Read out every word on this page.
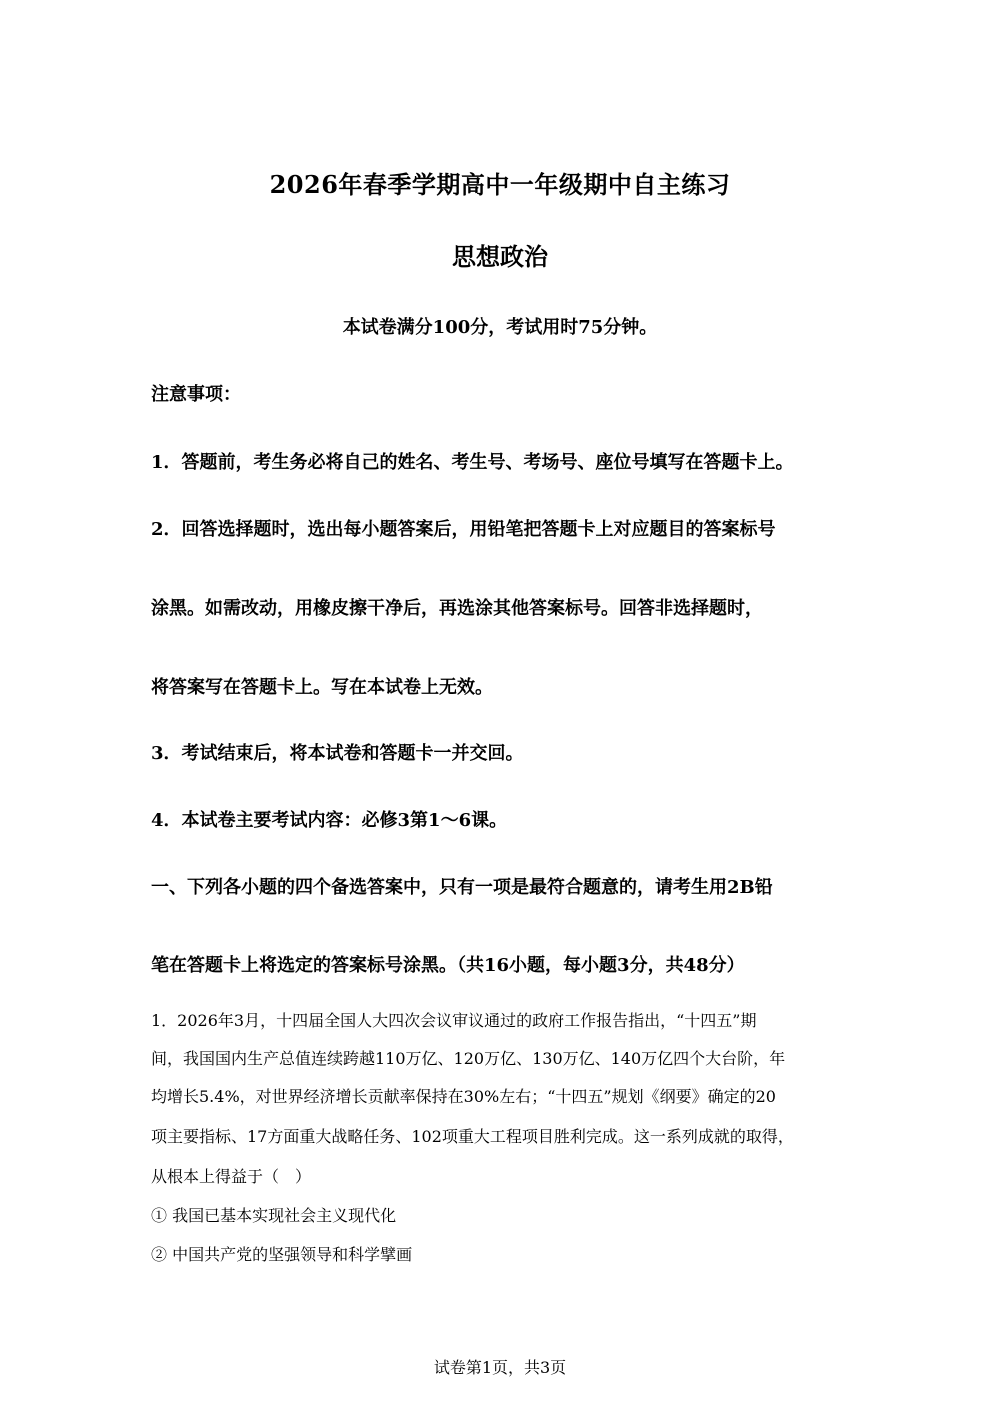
2026年春季学期高中一年级期中自主练习
思想政治
本试卷满分100分，考试用时75分钟。
注意事项：
1．答题前，考生务必将自己的姓名、考生号、考场号、座位号填写在答题卡上。
2．回答选择题时，选出每小题答案后，用铅笔把答题卡上对应题目的答案标号
涂黑。如需改动，用橡皮擦干净后，再选涂其他答案标号。回答非选择题时，
将答案写在答题卡上。写在本试卷上无效。
3．考试结束后，将本试卷和答题卡一并交回。
4．本试卷主要考试内容：必修3第1～6课。
一、下列各小题的四个备选答案中，只有一项是最符合题意的，请考生用2B铅
笔在答题卡上将选定的答案标号涂黑。（共16小题，每小题3分，共48分）
1．2026年3月，十四届全国人大四次会议审议通过的政府工作报告指出，“十四五”期
间，我国国内生产总值连续跨越110万亿、120万亿、130万亿、140万亿四个大台阶，年
均增长5.4%，对世界经济增长贡献率保持在30%左右；“十四五”规划《纲要》确定的20
项主要指标、17方面重大战略任务、102项重大工程项目胜利完成。这一系列成就的取得，
从根本上得益于（　）
① 我国已基本实现社会主义现代化
② 中国共产党的坚强领导和科学擘画
试卷第1页，共3页
